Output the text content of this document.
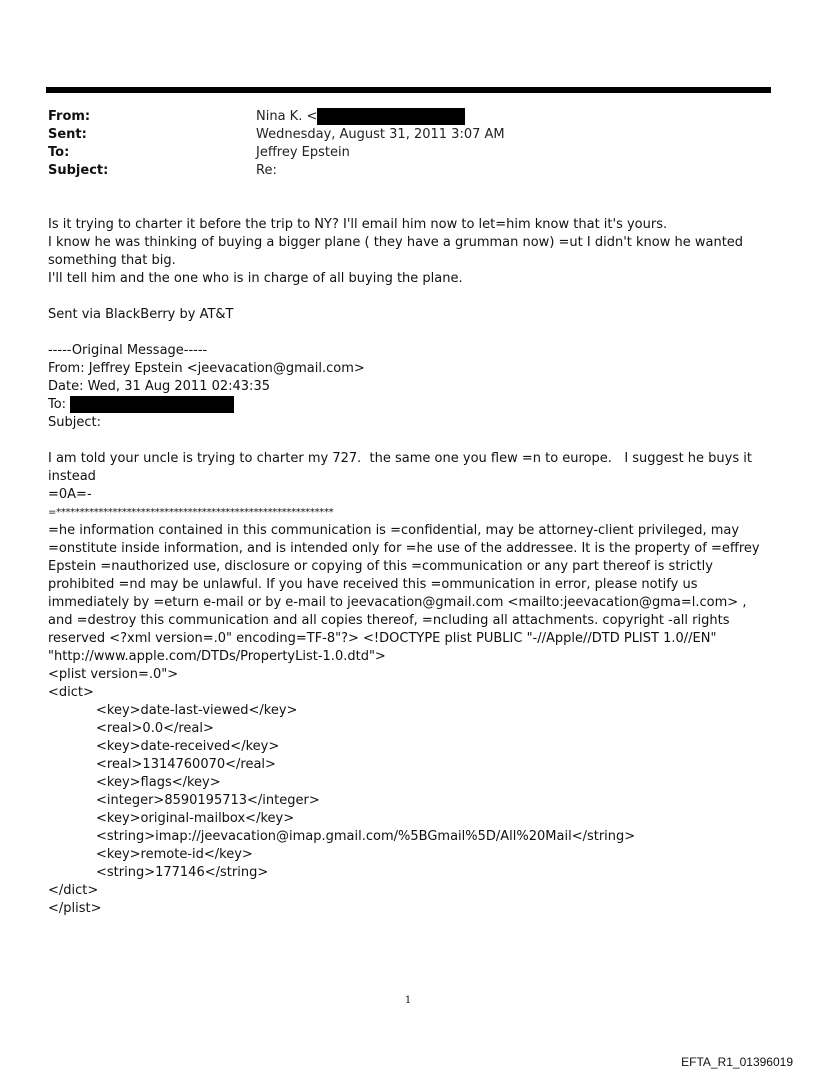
From:	Nina K. <
Sent:	Wednesday, August 31, 2011 3:07 AM
To:	Jeffrey Epstein
Subject:	Re:

Is it trying to charter it before the trip to NY? I'll email him now to let=him know that it's yours.

I know he was thinking of buying a bigger plane ( they have a grumman now) =ut I didn't know he wanted something that big.

I'll tell him and the one who is in charge of all buying the plane.

Sent via BlackBerry by AT&T

-----Original Message-----

From: Jeffrey Epstein <jeevacation@gmail.com>

Date: Wed, 31 Aug 2011 02:43:35

To:

Subject:

I am told your uncle is trying to charter my 727.  the same one you flew =n to europe.   I suggest he buys it instead

=0A=-

=***********************************************************

=he information contained in this communication is =confidential, may be attorney-client privileged, may =onstitute inside information, and is intended only for =he use of the addressee. It is the property of =effrey Epstein =nauthorized use, disclosure or copying of this =communication or any part thereof is strictly prohibited =nd may be unlawful. If you have received this =ommunication in error, please notify us immediately by =eturn e-mail or by e-mail to jeevacation@gmail.com <mailto:jeevacation@gma=l.com> , and =destroy this communication and all copies thereof, =ncluding all attachments. copyright -all rights reserved <?xml version=.0" encoding=TF-8"?> <!DOCTYPE plist PUBLIC "-//Apple//DTD PLIST 1.0//EN" "http://www.apple.com/DTDs/PropertyList-1.0.dtd">

<plist version=.0">

<dict>

<key>date-last-viewed</key>

<real>0.0</real>

<key>date-received</key>

<real>1314760070</real>

<key>flags</key>

<integer>8590195713</integer>

<key>original-mailbox</key>

<string>imap://jeevacation@imap.gmail.com/%5BGmail%5D/All%20Mail</string>

<key>remote-id</key>

<string>177146</string>

</dict>

</plist>

1
EFTA_R1_01396019
